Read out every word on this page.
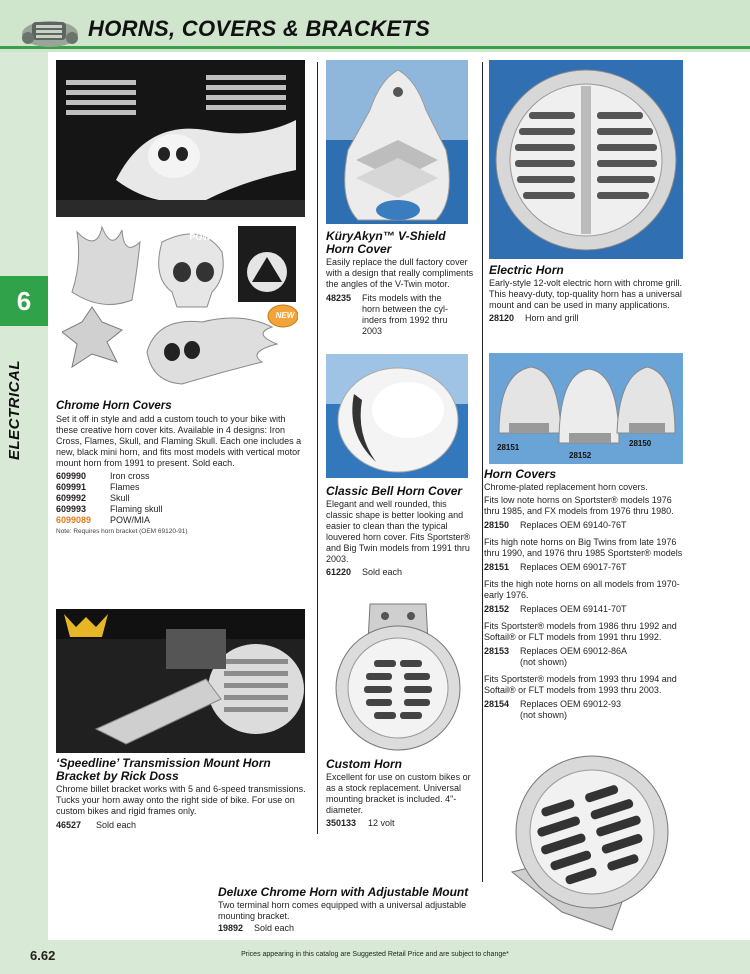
HORNS, COVERS & BRACKETS
6
ELECTRICAL
POW•MIA
NEW
Chrome Horn Covers

Set it off in style and add a custom touch to your bike with these creative horn cover kits. Available in 4 designs: Iron Cross, Flames, Skull, and Flaming Skull. Each one includes a new, black mini horn, and fits most models with vertical motor mount horn from 1991 to present. Sold each.

609990	Iron cross
609991	Flames
609992	Skull
609993	Flaming skull
6099089	POW/MIA
Note: Requires horn bracket (OEM 69120-91)
‘Speedline’ Transmission Mount Horn
Bracket by Rick Doss

Chrome billet bracket works with 5 and 6-speed transmissions. Tucks your horn away onto the right side of bike. For use on custom bikes and rigid frames only.

46527	Sold each
KüryAkyn™ V-Shield
Horn Cover

Easily replace the dull factory cover with a design that really compliments the angles of the V-Twin motor.

48235	Fits models with the
horn between the cyl-
inders from 1992 thru
2003
Classic Bell Horn Cover

Elegant and well rounded, this classic shape is better looking and easier to clean than the typical louvered horn cover. Fits Sportster® and Big Twin models from 1991 thru 2003.

61220	Sold each
Custom Horn

Excellent for use on custom bikes or as a stock replacement. Universal mounting bracket is included. 4"-diameter.

350133	12 volt
Deluxe Chrome Horn with Adjustable Mount

Two terminal horn comes equipped with a universal adjustable mounting bracket.

19892	Sold each
Electric Horn

Early-style 12-volt electric horn with chrome grill. This heavy-duty, top-quality horn has a universal mount and can be used in many applications.

28120	Horn and grill
28151
28152
28150
Horn Covers

Chrome-plated replacement horn covers.

Fits low note horns on Sportster® models 1976 thru 1985, and FX models from 1976 thru 1980.

28150	Replaces OEM 69140-76T

Fits high note horns on Big Twins from late 1976 thru 1990, and 1976 thru 1985 Sportster® models

28151	Replaces OEM 69017-76T

Fits the high note horns on all models from 1970-early 1976.

28152	Replaces OEM 69141-70T

Fits Sportster® models from 1986 thru 1992 and Softail® or FLT models from 1991 thru 1992.

28153	Replaces OEM 69012-86A
(not shown)

Fits Sportster® models from 1993 thru 1994 and Softail® or FLT models from 1993 thru 2003.

28154	Replaces OEM 69012-93
(not shown)
6.62	Prices appearing in this catalog are Suggested Retail Price and are subject to change*
